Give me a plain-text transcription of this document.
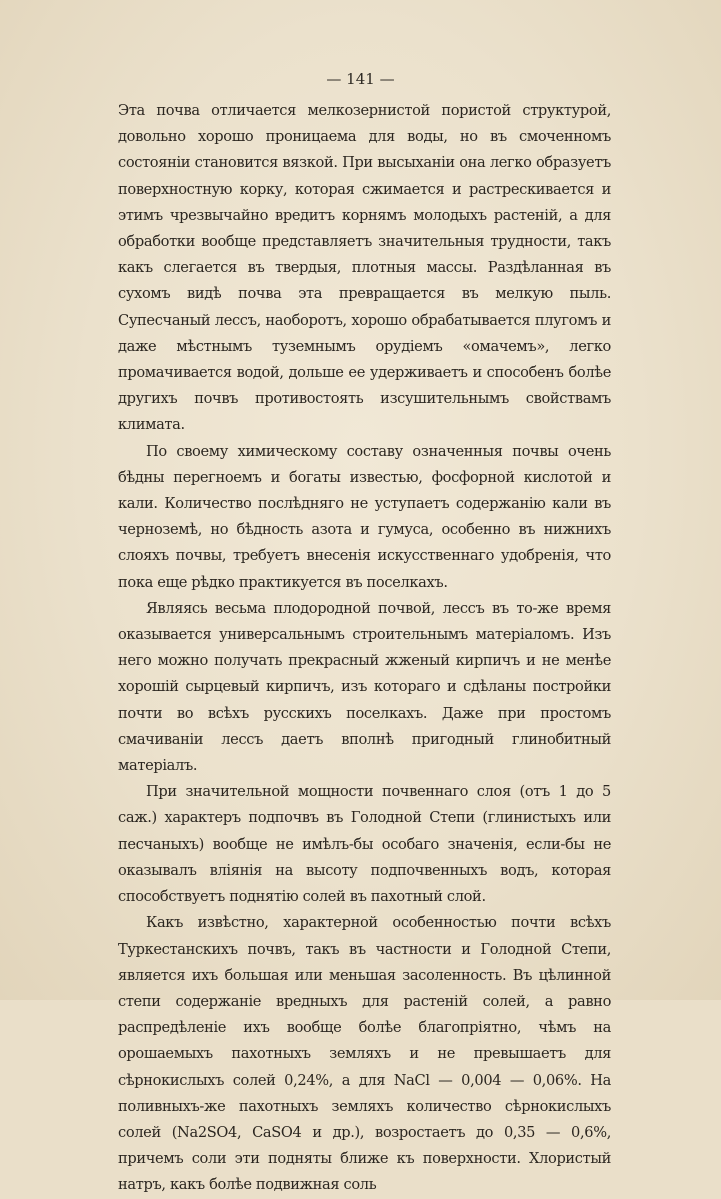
— 141 —

Эта почва отличается мелкозернистой пористой структурой, довольно хорошо проницаема для воды, но въ смоченномъ состоянiи становится вязкой. При высыханiи она легко образуетъ поверхностную корку, которая сжимается и растрескивается и этимъ чрезвычайно вредитъ корнямъ молодыхъ растенiй, а для обработки вообще представляетъ значительныя трудности, такъ какъ слегается въ твердыя, плотныя массы. Раздѣланная въ сухомъ видѣ почва эта превращается въ мелкую пыль. Супесчаный лессъ, наоборотъ, хорошо обрабатывается плугомъ и даже мѣстнымъ туземнымъ орудiемъ «омачемъ», легко промачивается водой, дольше ее удерживаетъ и способенъ болѣе другихъ почвъ противостоять изсушительнымъ свойствамъ климата.

По своему химическому составу означенныя почвы очень бѣдны перегноемъ и богаты известью, фосфорной кислотой и кали. Количество послѣдняго не уступаетъ содержанiю кали въ черноземѣ, но бѣдность азота и гумуса, особенно въ нижнихъ слояхъ почвы, требуетъ внесенiя искусственнаго удобренiя, что пока еще рѣдко практикуется въ поселкахъ.

Являясь весьма плодородной почвой, лессъ въ то-же время оказывается универсальнымъ строительнымъ матерiаломъ. Изъ него можно получать прекрасный жженый кирпичъ и не менѣе хорошiй сырцевый кирпичъ, изъ котораго и сдѣланы постройки почти во всѣхъ русскихъ поселкахъ. Даже при простомъ смачиванiи лессъ даетъ вполнѣ пригодный глинобитный матерiалъ.

При значительной мощности почвеннаго слоя (отъ 1 до 5 саж.) характеръ подпочвъ въ Голодной Степи (глинистыхъ или песчаныхъ) вообще не имѣлъ-бы особаго значенiя, если-бы не оказывалъ влiянiя на высоту подпочвенныхъ водъ, которая способствуетъ поднятiю солей въ пахотный слой.

Какъ извѣстно, характерной особенностью почти всѣхъ Туркестанскихъ почвъ, такъ въ частности и Голодной Степи, является ихъ большая или меньшая засоленность. Въ цѣлинной степи содержанiе вредныхъ для растенiй солей, а равно распредѣленiе ихъ вообще болѣе благопрiятно, чѣмъ на орошаемыхъ пахотныхъ земляхъ и не превышаетъ для сѣрнокислыхъ солей 0,24%, а для NaCl — 0,004 — 0,06%. На поливныхъ-же пахотныхъ земляхъ количество сѣрнокислыхъ солей (Na2SO4, CaSO4 и др.), возростаетъ до 0,35 — 0,6%, причемъ соли эти подняты ближе къ поверхности. Хлористый натръ, какъ болѣе подвижная соль
